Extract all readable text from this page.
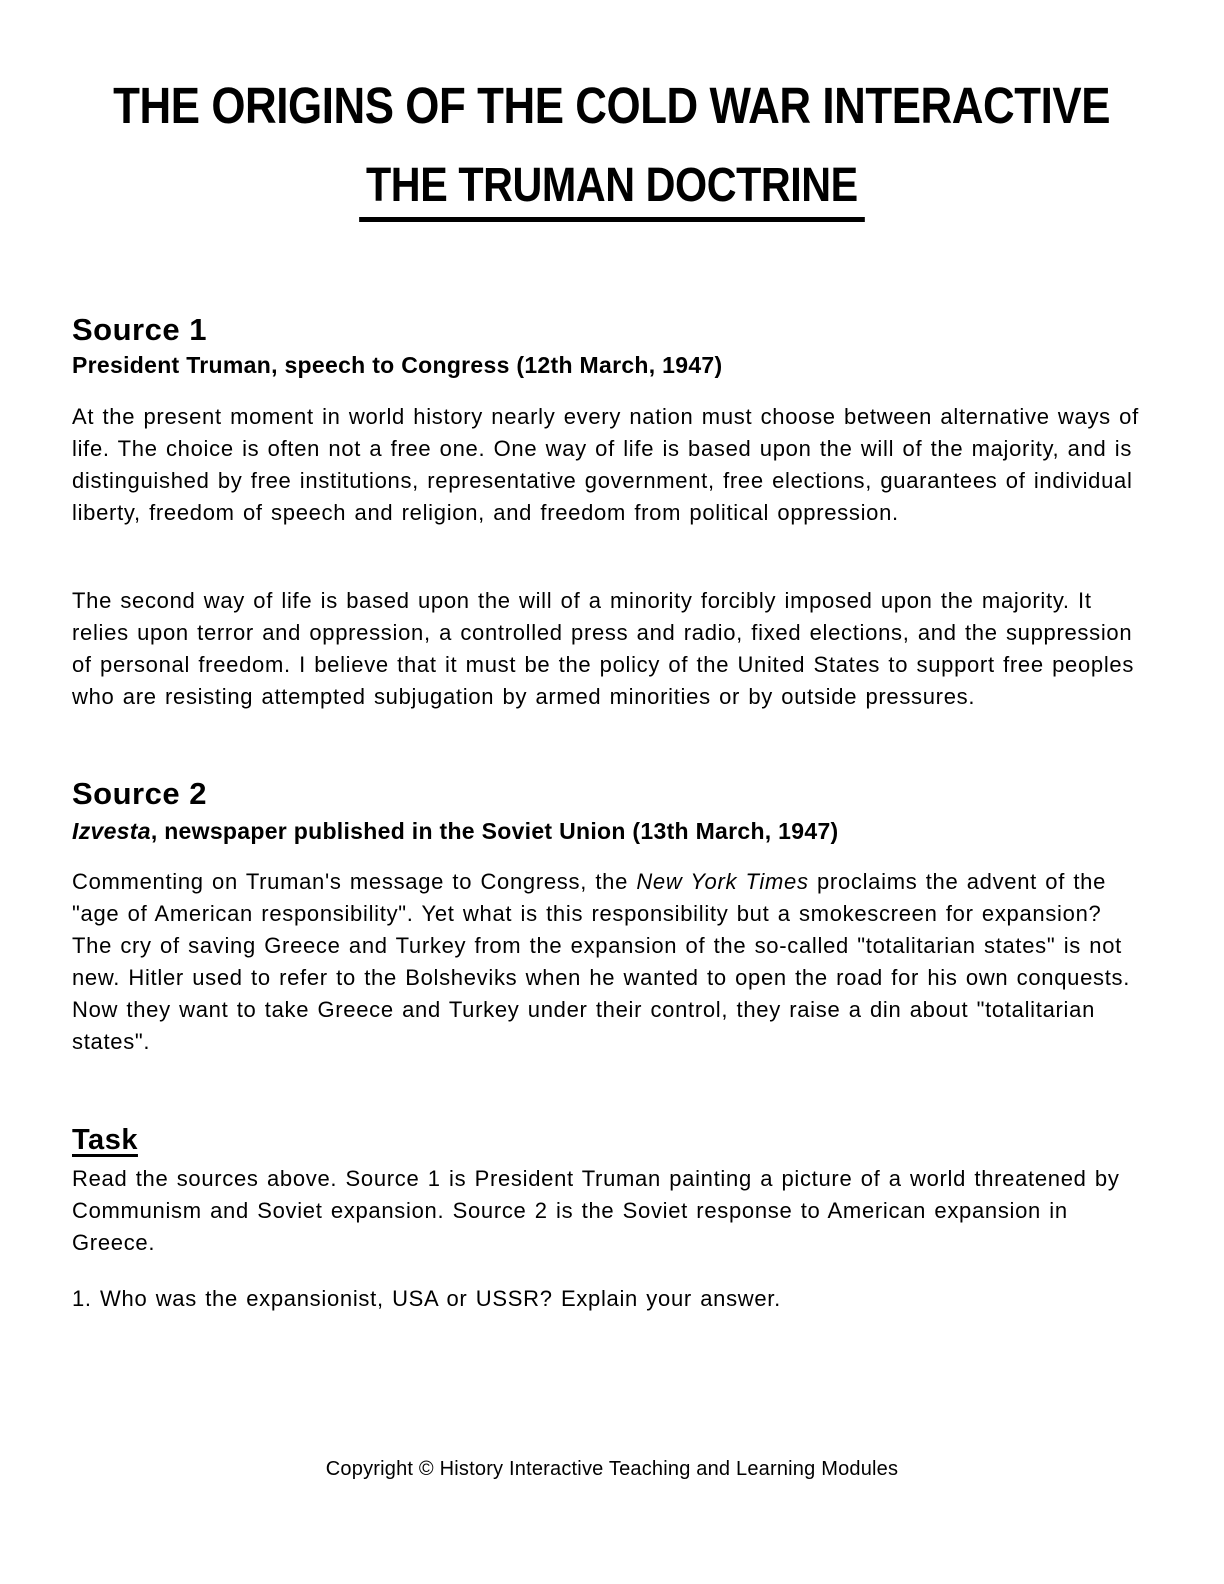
THE ORIGINS OF THE COLD WAR INTERACTIVE
THE TRUMAN DOCTRINE
Source 1

President Truman, speech to Congress (12th March, 1947)

At the present moment in world history nearly every nation must choose between alternative ways of life. The choice is often not a free one. One way of life is based upon the will of the majority, and is distinguished by free institutions, representative government, free elections, guarantees of individual liberty, freedom of speech and religion, and freedom from political oppression.

The second way of life is based upon the will of a minority forcibly imposed upon the majority. It relies upon terror and oppression, a controlled press and radio, fixed elections, and the suppression of personal freedom. I believe that it must be the policy of the United States to support free peoples who are resisting attempted subjugation by armed minorities or by outside pressures.

Source 2

Izvesta, newspaper published in the Soviet Union (13th March, 1947)

Commenting on Truman's message to Congress, the New York Times proclaims the advent of the "age of American responsibility". Yet what is this responsibility but a smokescreen for expansion? The cry of saving Greece and Turkey from the expansion of the so-called "totalitarian states" is not new. Hitler used to refer to the Bolsheviks when he wanted to open the road for his own conquests. Now they want to take Greece and Turkey under their control, they raise a din about "totalitarian states".

Task

Read the sources above. Source 1 is President Truman painting a picture of a world threatened by Communism and Soviet expansion. Source 2 is the Soviet response to American expansion in Greece.

1. Who was the expansionist, USA or USSR? Explain your answer.

Copyright © History Interactive Teaching and Learning Modules
